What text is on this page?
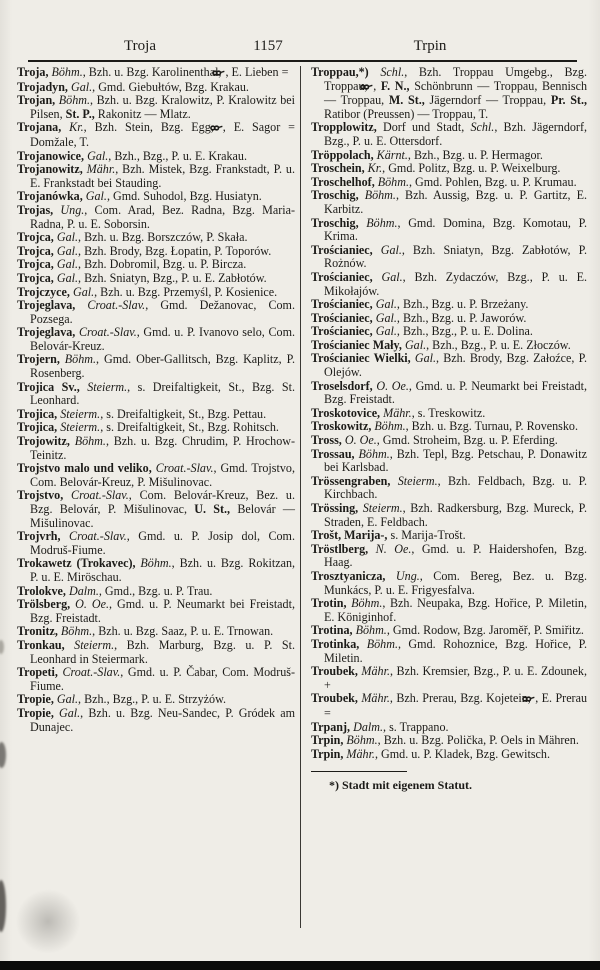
Troja	1157	Trpin

Troja, Böhm., Bzh. u. Bzg. Karolinenthal, , E. Lieben =

Trojadyn, Gal., Gmd. Giebułtów, Bzg. Krakau.

Trojan, Böhm., Bzh. u. Bzg. Kralowitz, P. Kralowitz bei Pilsen, St. P., Rakonitz — Mlatz.

Trojana, Kr., Bzh. Stein, Bzg. Egg, , E. Sagor = Domžale, T.

Trojanowice, Gal., Bzh., Bzg., P. u. E. Krakau.

Trojanowitz, Mähr., Bzh. Mistek, Bzg. Frankstadt, P. u. E. Frankstadt bei Stauding.

Trojanówka, Gal., Gmd. Suhodol, Bzg. Husiatyn.

Trojas, Ung., Com. Arad, Bez. Radna, Bzg. Maria-Radna, P. u. E. Soborsin.

Trojca, Gal., Bzh. u. Bzg. Borszczów, P. Skała.

Trojca, Gal., Bzh. Brody, Bzg. Łopatin, P. Toporów.

Trojca, Gal., Bzh. Dobromil, Bzg. u. P. Bircza.

Trojca, Gal., Bzh. Sniatyn, Bzg., P. u. E. Zabłotów.

Trojczyce, Gal., Bzh. u. Bzg. Przemyśl, P. Kosienice.

Trojeglava, Croat.-Slav., Gmd. Dežanovac, Com. Pozsega.

Trojeglava, Croat.-Slav., Gmd. u. P. Ivanovo selo, Com. Belovár-Kreuz.

Trojern, Böhm., Gmd. Ober-Gallitsch, Bzg. Kaplitz, P. Rosenberg.

Trojica Sv., Steierm., s. Dreifaltigkeit, St., Bzg. St. Leonhard.

Trojica, Steierm., s. Dreifaltigkeit, St., Bzg. Pettau.

Trojica, Steierm., s. Dreifaltigkeit, St., Bzg. Rohitsch.

Trojowitz, Böhm., Bzh. u. Bzg. Chrudim, P. Hrochow-Teinitz.

Trojstvo malo und veliko, Croat.-Slav., Gmd. Trojstvo, Com. Belovár-Kreuz, P. Mišulinovac.

Trojstvo, Croat.-Slav., Com. Belovár-Kreuz, Bez. u. Bzg. Belovár, P. Mišulinovac, U. St., Belovár — Mišulinovac.

Trojvrh, Croat.-Slav., Gmd. u. P. Josip dol, Com. Modruš-Fiume.

Trokawetz (Trokavec), Böhm., Bzh. u. Bzg. Rokitzan, P. u. E. Miröschau.

Trolokve, Dalm., Gmd., Bzg. u. P. Trau.

Trölsberg, O. Oe., Gmd. u. P. Neumarkt bei Freistadt, Bzg. Freistadt.

Tronitz, Böhm., Bzh. u. Bzg. Saaz, P. u. E. Trnowan.

Tronkau, Steierm., Bzh. Marburg, Bzg. u. P. St. Leonhard in Steiermark.

Tropeti, Croat.-Slav., Gmd. u. P. Čabar, Com. Modruš-Fiume.

Tropie, Gal., Bzh., Bzg., P. u. E. Strzyżów.

Tropie, Gal., Bzh. u. Bzg. Neu-Sandec, P. Gródek am Dunajec.

Troppau,*) Schl., Bzh. Troppau Umgebg., Bzg. Troppau, , F. N., Schönbrunn — Troppau, Bennisch — Troppau, M. St., Jägerndorf — Troppau, Pr. St., Ratibor (Preussen) — Troppau, T.

Tropplowitz, Dorf und Stadt, Schl., Bzh. Jägerndorf, Bzg., P. u. E. Ottersdorf.

Tröppolach, Kärnt., Bzh., Bzg. u. P. Hermagor.

Troschein, Kr., Gmd. Politz, Bzg. u. P. Weixelburg.

Troschelhof, Böhm., Gmd. Pohlen, Bzg. u. P. Krumau.

Troschig, Böhm., Bzh. Aussig, Bzg. u. P. Gartitz, E. Karbitz.

Troschig, Böhm., Gmd. Domina, Bzg. Komotau, P. Krima.

Trościaniec, Gal., Bzh. Sniatyn, Bzg. Zabłotów, P. Rożnów.

Trościaniec, Gal., Bzh. Zydaczów, Bzg., P. u. E. Mikołajów.

Trościaniec, Gal., Bzh., Bzg. u. P. Brzeżany.

Trościaniec, Gal., Bzh., Bzg. u. P. Jaworów.

Trościaniec, Gal., Bzh., Bzg., P. u. E. Dolina.

Trościaniec Mały, Gal., Bzh., Bzg., P. u. E. Złoczów.

Trościaniec Wielki, Gal., Bzh. Brody, Bzg. Załoźce, P. Olejów.

Troselsdorf, O. Oe., Gmd. u. P. Neumarkt bei Freistadt, Bzg. Freistadt.

Troskotovice, Mähr., s. Treskowitz.

Troskowitz, Böhm., Bzh. u. Bzg. Turnau, P. Rovensko.

Tross, O. Oe., Gmd. Stroheim, Bzg. u. P. Eferding.

Trossau, Böhm., Bzh. Tepl, Bzg. Petschau, P. Donawitz bei Karlsbad.

Trössengraben, Steierm., Bzh. Feldbach, Bzg. u. P. Kirchbach.

Trössing, Steierm., Bzh. Radkersburg, Bzg. Mureck, P. Straden, E. Feldbach.

Trošt, Marija-, s. Marija-Trošt.

Tröstlberg, N. Oe., Gmd. u. P. Haidershofen, Bzg. Haag.

Trosztyanicza, Ung., Com. Bereg, Bez. u. Bzg. Munkács, P. u. E. Frigyesfalva.

Trotin, Böhm., Bzh. Neupaka, Bzg. Hořice, P. Miletin, E. Königinhof.

Trotina, Böhm., Gmd. Rodow, Bzg. Jaroměř, P. Smiřitz.

Trotinka, Böhm., Gmd. Rohoznice, Bzg. Hořice, P. Miletin.

Troubek, Mähr., Bzh. Kremsier, Bzg., P. u. E. Zdounek, +

Troubek, Mähr., Bzh. Prerau, Bzg. Kojetein, , E. Prerau =

Trpanj, Dalm., s. Trappano.

Trpin, Böhm., Bzh. u. Bzg. Polička, P. Oels in Mähren.

Trpin, Mähr., Gmd. u. P. Kladek, Bzg. Gewitsch.

*) Stadt mit eigenem Statut.
